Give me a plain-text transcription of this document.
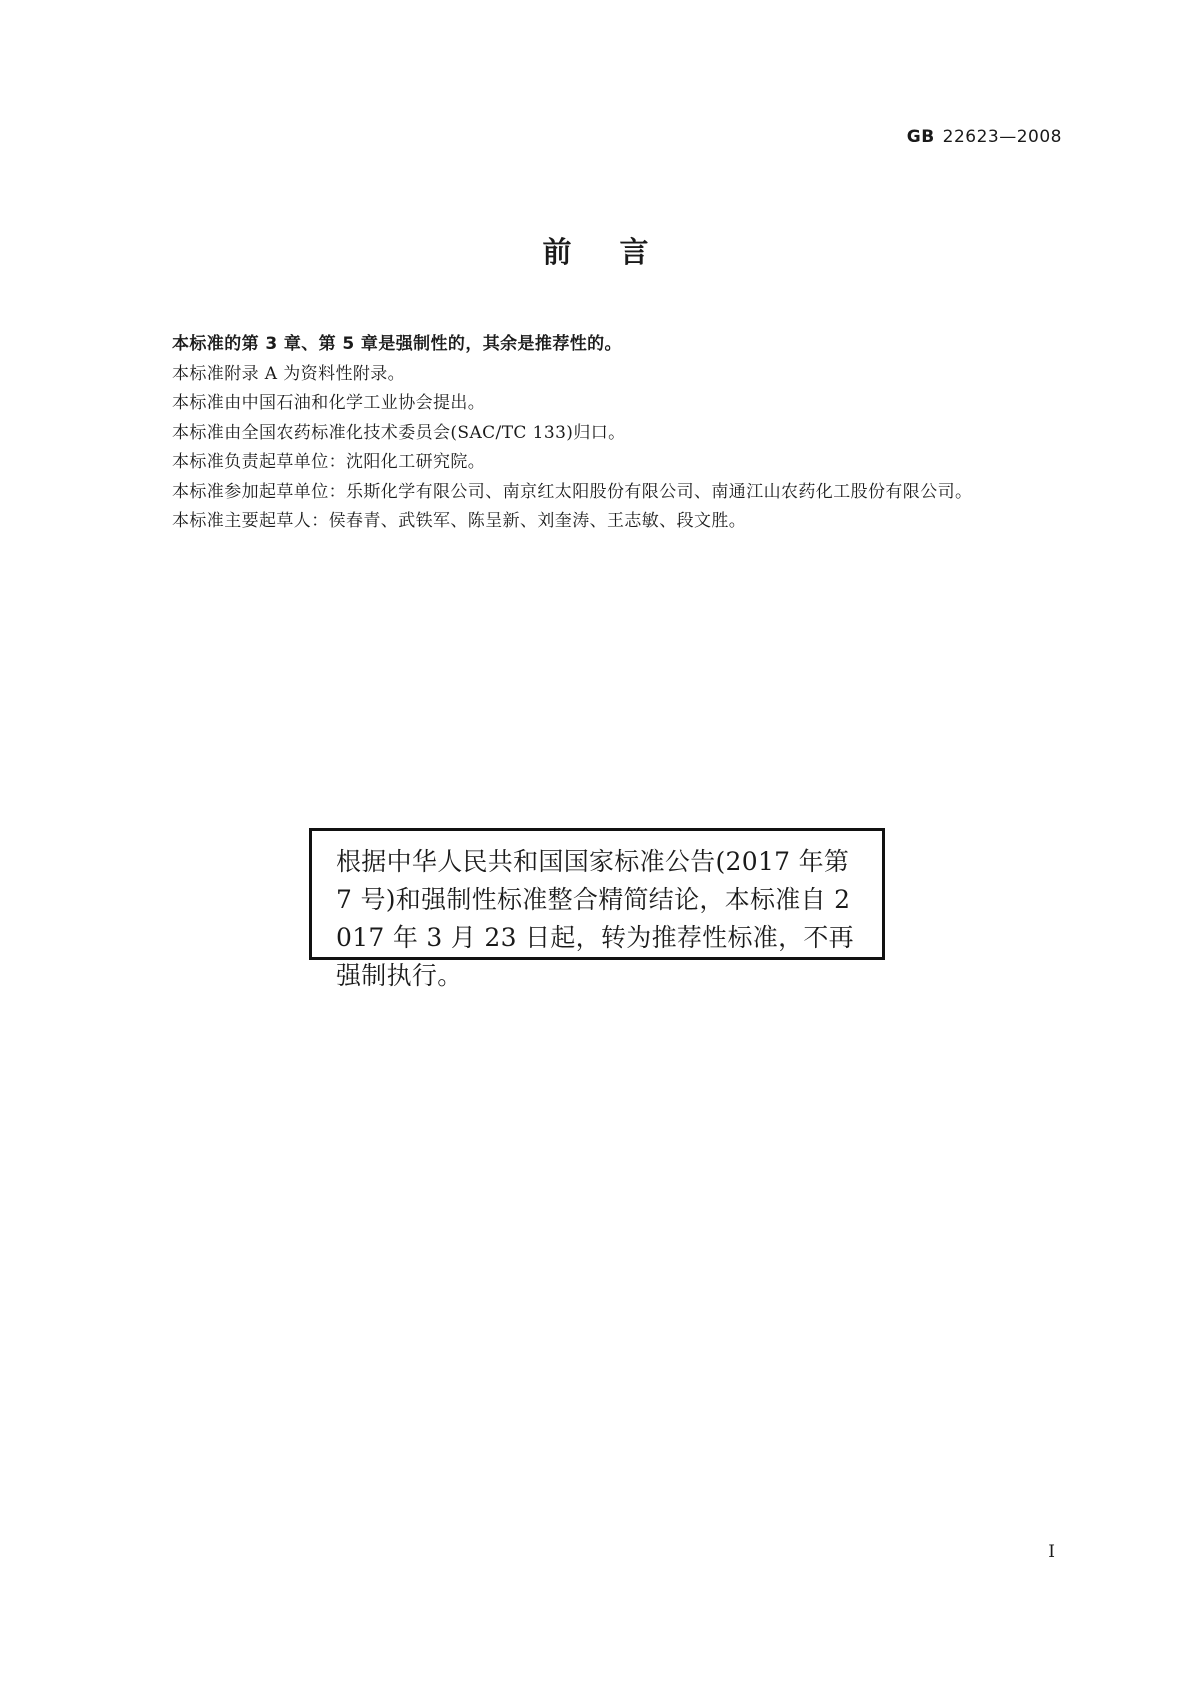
GB 22623—2008
前言

本标准的第 3 章、第 5 章是强制性的，其余是推荐性的。

本标准附录 A 为资料性附录。

本标准由中国石油和化学工业协会提出。

本标准由全国农药标准化技术委员会(SAC/TC 133)归口。

本标准负责起草单位：沈阳化工研究院。

本标准参加起草单位：乐斯化学有限公司、南京红太阳股份有限公司、南通江山农药化工股份有限公司。

本标准主要起草人：侯春青、武铁军、陈呈新、刘奎涛、王志敏、段文胜。

根据中华人民共和国国家标准公告(2017 年第 7 号)和强制性标准整合精简结论，本标准自 2017 年 3 月 23 日起，转为推荐性标准，不再强制执行。

I
